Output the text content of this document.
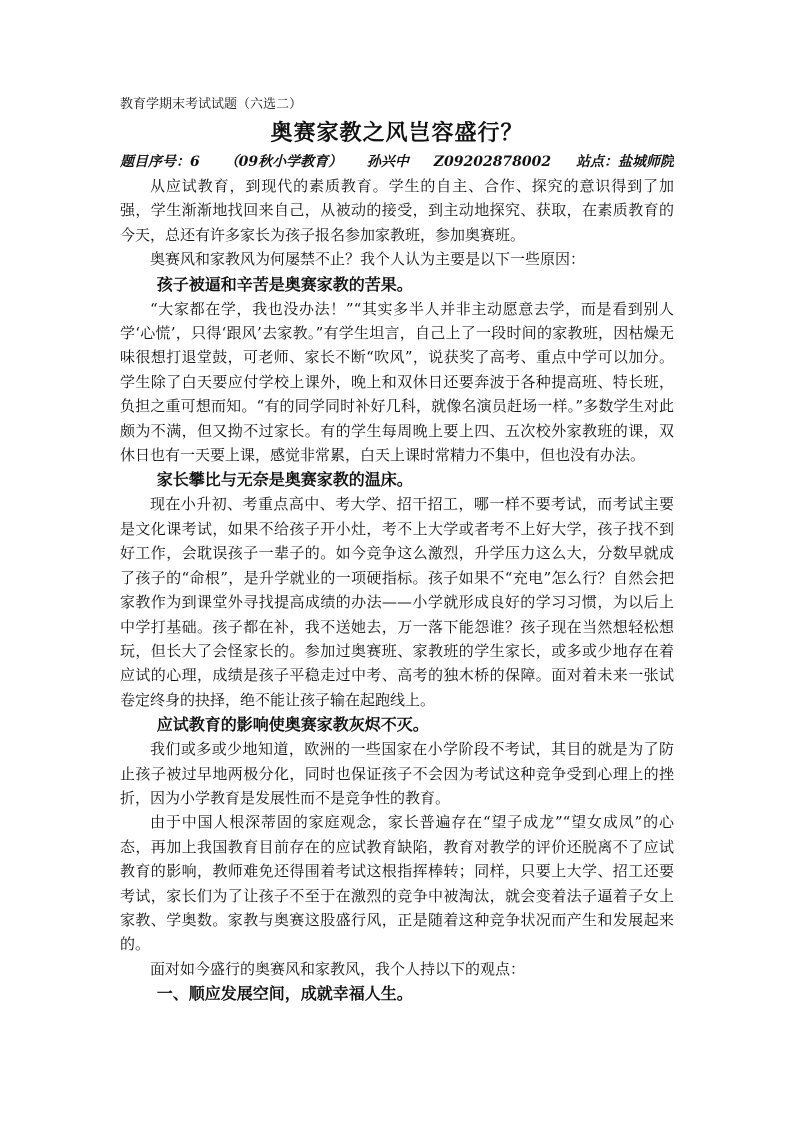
教育学期末考试试题（六选二）
奥赛家教之风岂容盛行？
题目序号：6 （09秋小学教育） 孙兴中 Z09202878002 站点：盐城师院

从应试教育，到现代的素质教育。学生的自主、合作、探究的意识得到了加强，学生渐渐地找回来自己，从被动的接受，到主动地探究、获取，在素质教育的今天，总还有许多家长为孩子报名参加家教班，参加奥赛班。

奥赛风和家教风为何屡禁不止？我个人认为主要是以下一些原因：

孩子被逼和辛苦是奥赛家教的苦果。

“大家都在学，我也没办法！”“其实多半人并非主动愿意去学，而是看到别人学‘心慌’，只得‘跟风’去家教。”有学生坦言，自己上了一段时间的家教班，因枯燥无味很想打退堂鼓，可老师、家长不断“吹风”，说获奖了高考、重点中学可以加分。学生除了白天要应付学校上课外，晚上和双休日还要奔波于各种提高班、特长班，负担之重可想而知。“有的同学同时补好几科，就像名演员赶场一样。”多数学生对此颇为不满，但又拗不过家长。有的学生每周晚上要上四、五次校外家教班的课，双休日也有一天要上课，感觉非常累，白天上课时常精力不集中，但也没有办法。

家长攀比与无奈是奥赛家教的温床。

现在小升初、考重点高中、考大学、招干招工，哪一样不要考试，而考试主要是文化课考试，如果不给孩子开小灶，考不上大学或者考不上好大学，孩子找不到好工作，会耽误孩子一辈子的。如今竞争这么激烈，升学压力这么大，分数早就成了孩子的“命根”，是升学就业的一项硬指标。孩子如果不“充电”怎么行？自然会把家教作为到课堂外寻找提高成绩的办法——小学就形成良好的学习习惯，为以后上中学打基础。孩子都在补，我不送她去，万一落下能怨谁？孩子现在当然想轻松想玩，但长大了会怪家长的。参加过奥赛班、家教班的学生家长，或多或少地存在着应试的心理，成绩是孩子平稳走过中考、高考的独木桥的保障。面对着未来一张试卷定终身的抉择，绝不能让孩子输在起跑线上。

应试教育的影响使奥赛家教灰烬不灭。

我们或多或少地知道，欧洲的一些国家在小学阶段不考试，其目的就是为了防止孩子被过早地两极分化，同时也保证孩子不会因为考试这种竞争受到心理上的挫折，因为小学教育是发展性而不是竞争性的教育。

由于中国人根深蒂固的家庭观念，家长普遍存在“望子成龙”“望女成凤”的心态，再加上我国教育目前存在的应试教育缺陷，教育对教学的评价还脱离不了应试教育的影响，教师难免还得围着考试这根指挥棒转；同样，只要上大学、招工还要考试，家长们为了让孩子不至于在激烈的竞争中被淘汰，就会变着法子逼着子女上家教、学奥数。家教与奥赛这股盛行风，正是随着这种竞争状况而产生和发展起来的。

面对如今盛行的奥赛风和家教风，我个人持以下的观点：

一、顺应发展空间，成就幸福人生。
